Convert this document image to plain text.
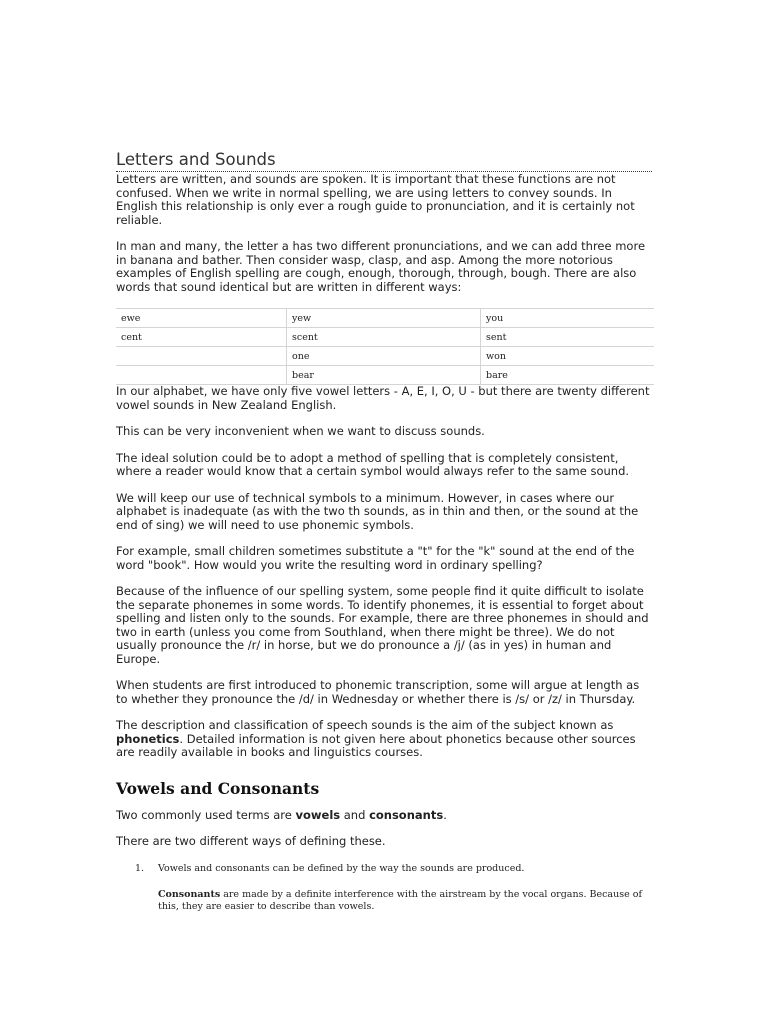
Letters and Sounds

Letters are written, and sounds are spoken. It is important that these functions are not confused. When we write in normal spelling, we are using letters to convey sounds. In English this relationship is only ever a rough guide to pronunciation, and it is certainly not reliable.

In man and many, the letter a has two different pronunciations, and we can add three more in banana and bather. Then consider wasp, clasp, and asp. Among the more notorious examples of English spelling are cough, enough, thorough, through, bough. There are also words that sound identical but are written in different ways:

ewe	yew	you
cent	scent	sent
	one	won
	bear	bare

In our alphabet, we have only five vowel letters - A, E, I, O, U - but there are twenty different vowel sounds in New Zealand English.

This can be very inconvenient when we want to discuss sounds.

The ideal solution could be to adopt a method of spelling that is completely consistent, where a reader would know that a certain symbol would always refer to the same sound.

We will keep our use of technical symbols to a minimum. However, in cases where our alphabet is inadequate (as with the two th sounds, as in thin and then, or the sound at the end of sing) we will need to use phonemic symbols.

For example, small children sometimes substitute a "t" for the "k" sound at the end of the word "book". How would you write the resulting word in ordinary spelling?

Because of the influence of our spelling system, some people find it quite difficult to isolate the separate phonemes in some words. To identify phonemes, it is essential to forget about spelling and listen only to the sounds. For example, there are three phonemes in should and two in earth (unless you come from Southland, when there might be three). We do not usually pronounce the /r/ in horse, but we do pronounce a /j/ (as in yes) in human and Europe.

When students are first introduced to phonemic transcription, some will argue at length as to whether they pronounce the /d/ in Wednesday or whether there is /s/ or /z/ in Thursday.

The description and classification of speech sounds is the aim of the subject known as phonetics. Detailed information is not given here about phonetics because other sources are readily available in books and linguistics courses.

Vowels and Consonants

Two commonly used terms are vowels and consonants.

There are two different ways of defining these.

1. Vowels and consonants can be defined by the way the sounds are produced.
Consonants are made by a definite interference with the airstream by the vocal organs. Because of this, they are easier to describe than vowels.
